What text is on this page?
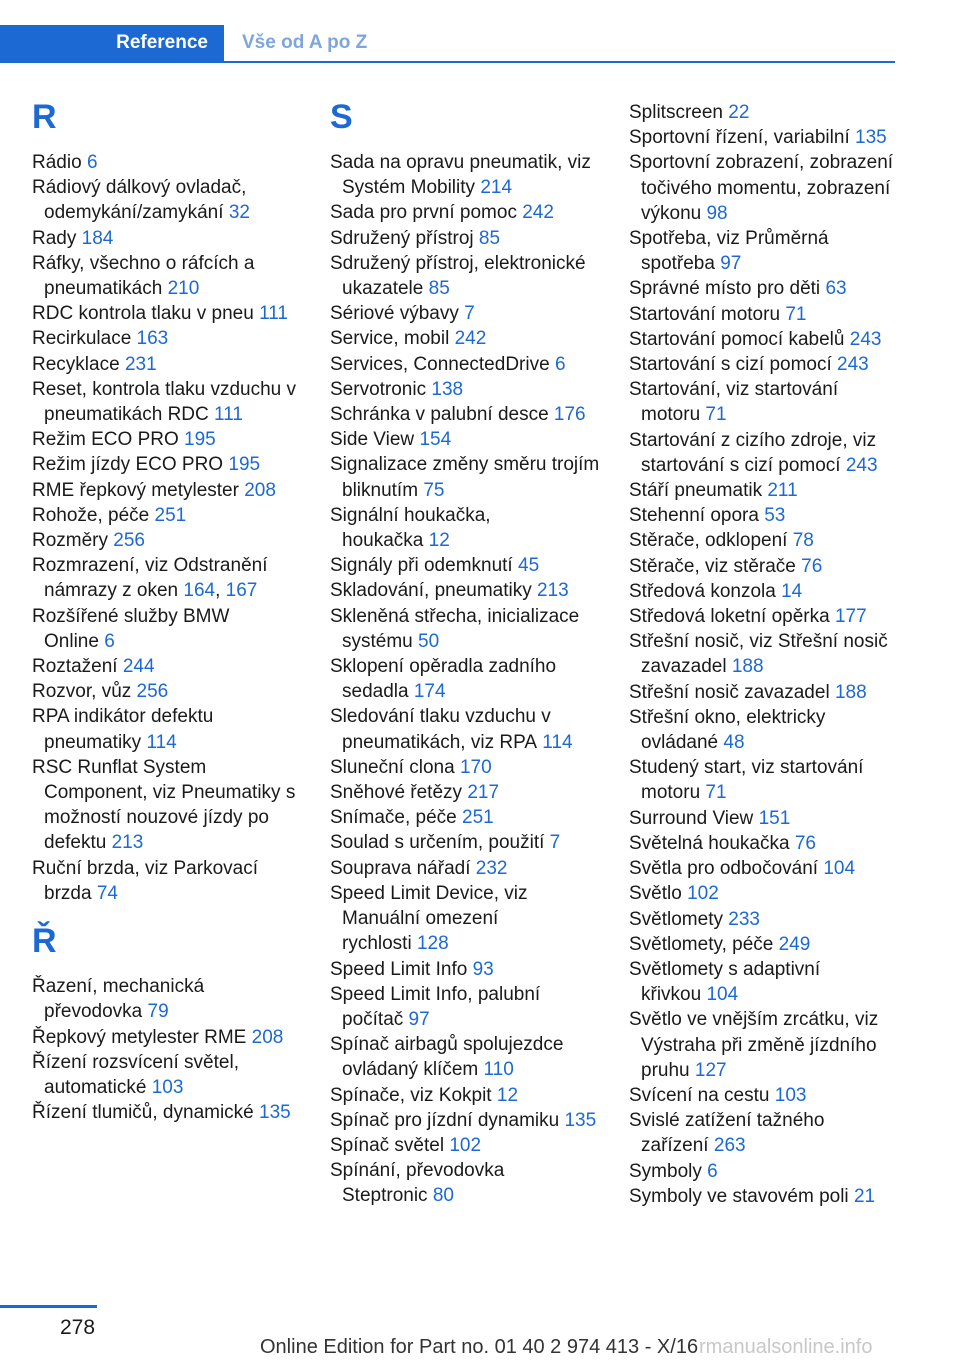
Reference	Vše od A po Z
R
Rádio 6
Rádiový dálkový ovladač, odemykání/zamykání 32
Rady 184
Ráfky, všechno o ráfcích a pneumatikách 210
RDC kontrola tlaku v pneu 111
Recirkulace 163
Recyklace 231
Reset, kontrola tlaku vzduchu v pneumatikách RDC 111
Režim ECO PRO 195
Režim jízdy ECO PRO 195
RME řepkový metylester 208
Rohože, péče 251
Rozměry 256
Rozmrazení, viz Odstranění námrazy z oken 164, 167
Rozšířené služby BMW Online 6
Roztažení 244
Rozvor, vůz 256
RPA indikátor defektu pneumatiky 114
RSC Runflat System Component, viz Pneumatiky s možností nouzové jízdy po defektu 213
Ruční brzda, viz Parkovací brzda 74
Ř
Řazení, mechanická převodovka 79
Řepkový metylester RME 208
Řízení rozsvícení světel, automatické 103
Řízení tlumičů, dynamické 135
S
Sada na opravu pneumatik, viz Systém Mobility 214
Sada pro první pomoc 242
Sdružený přístroj 85
Sdružený přístroj, elektronické ukazatele 85
Sériové výbavy 7
Service, mobil 242
Services, ConnectedDrive 6
Servotronic 138
Schránka v palubní desce 176
Side View 154
Signalizace změny směru trojím bliknutím 75
Signální houkačka, houkačka 12
Signály při odemknutí 45
Skladování, pneumatiky 213
Skleněná střecha, inicializace systému 50
Sklopení opěradla zadního sedadla 174
Sledování tlaku vzduchu v pneumatikách, viz RPA 114
Sluneční clona 170
Sněhové řetězy 217
Snímače, péče 251
Soulad s určením, použití 7
Souprava nářadí 232
Speed Limit Device, viz Manuální omezení rychlosti 128
Speed Limit Info 93
Speed Limit Info, palubní počítač 97
Spínač airbagů spolujezdce ovládaný klíčem 110
Spínače, viz Kokpit 12
Spínač pro jízdní dynamiku 135
Spínač světel 102
Spínání, převodovka Steptronic 80
Splitscreen 22
Sportovní řízení, variabilní 135
Sportovní zobrazení, zobrazení točivého momentu, zobrazení výkonu 98
Spotřeba, viz Průměrná spotřeba 97
Správné místo pro děti 63
Startování motoru 71
Startování pomocí kabelů 243
Startování s cizí pomocí 243
Startování, viz startování motoru 71
Startování z cizího zdroje, viz startování s cizí pomocí 243
Stáří pneumatik 211
Stehenní opora 53
Stěrače, odklopení 78
Stěrače, viz stěrače 76
Středová konzola 14
Středová loketní opěrka 177
Střešní nosič, viz Střešní nosič zavazadel 188
Střešní nosič zavazadel 188
Střešní okno, elektricky ovládané 48
Studený start, viz startování motoru 71
Surround View 151
Světelná houkačka 76
Světla pro odbočování 104
Světlo 102
Světlomety 233
Světlomety, péče 249
Světlomety s adaptivní křivkou 104
Světlo ve vnějším zrcátku, viz Výstraha při změně jízdního pruhu 127
Svícení na cestu 103
Svislé zatížení tažného zařízení 263
Symboly 6
Symboly ve stavovém poli 21
278
Online Edition for Part no. 01 40 2 974 413 - X/16 rmanualsonline.info
